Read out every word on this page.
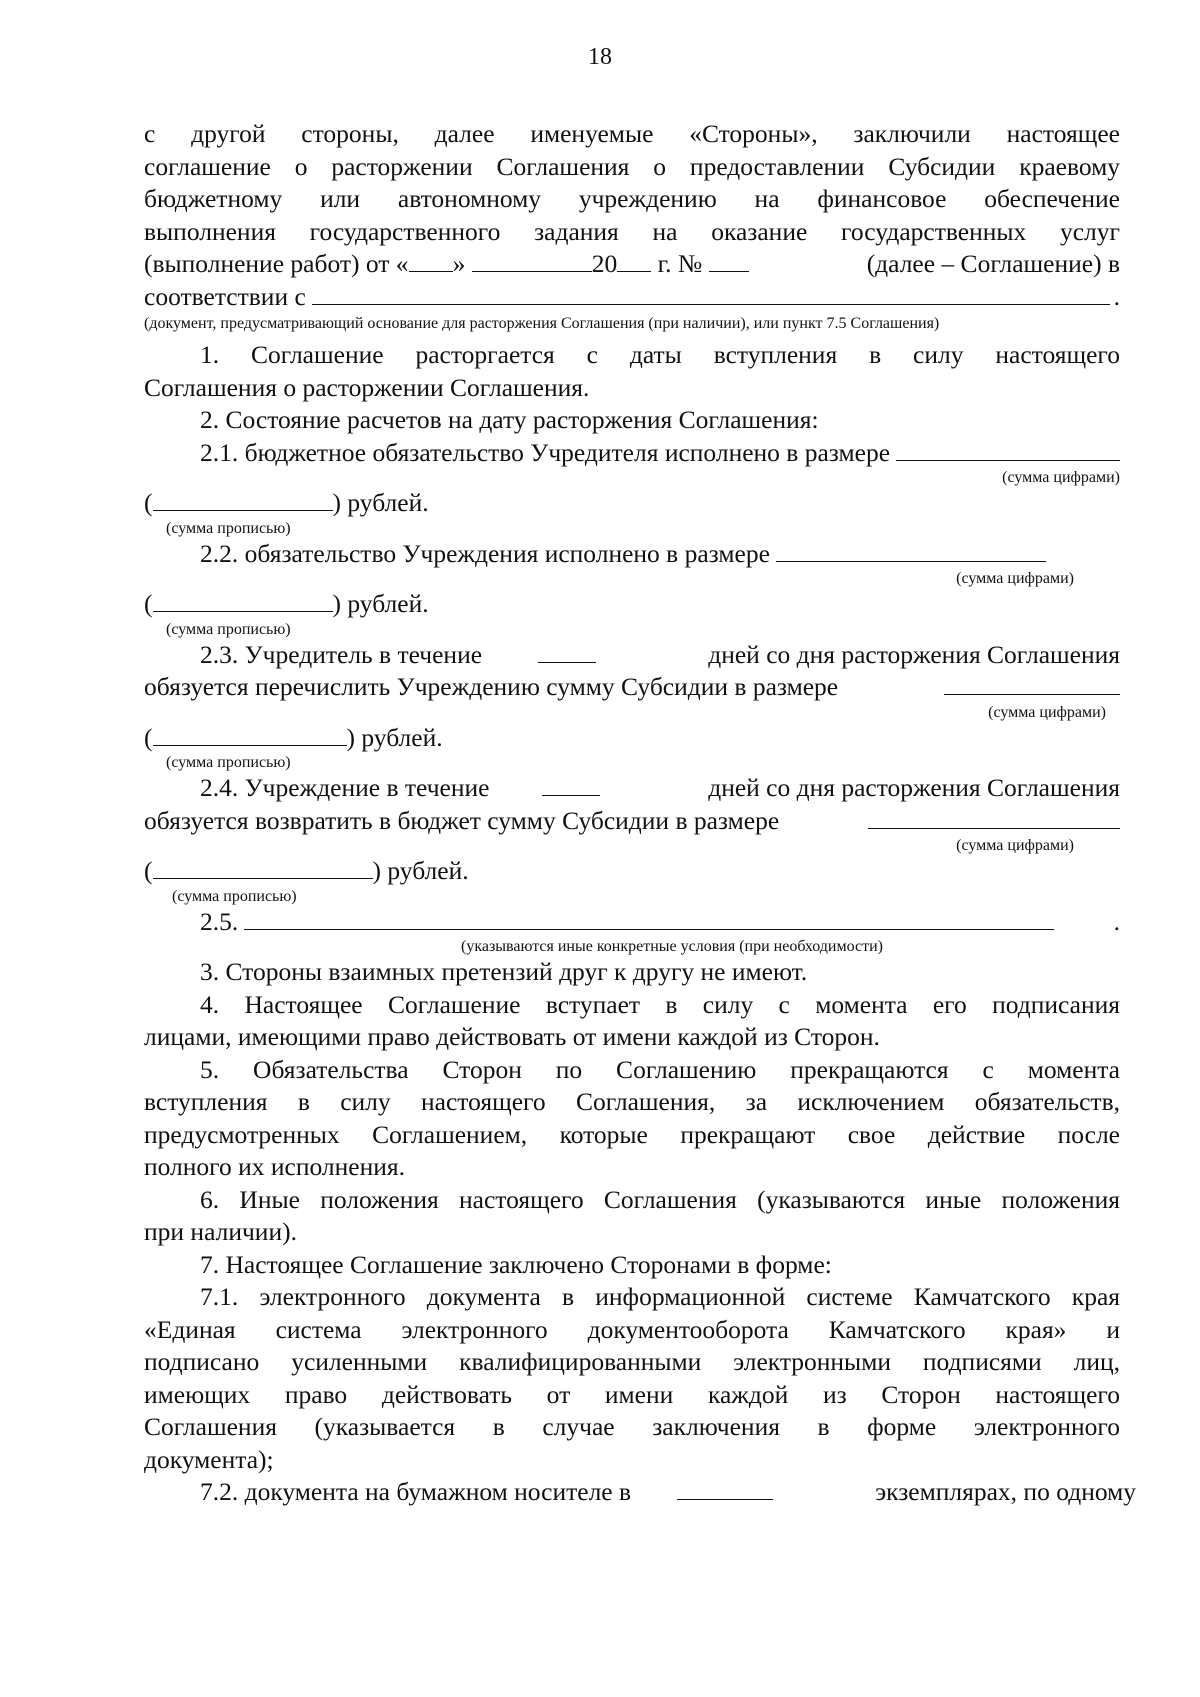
18
с другой стороны, далее именуемые «Стороны», заключили настоящее
соглашение о расторжении Соглашения о предоставлении Субсидии краевому
бюджетному или автономному учреждению на финансовое обеспечение
выполнения государственного задания на оказание государственных услуг
(выполнение работ) от « »	20 г. №	(далее – Соглашение) в
соответствии с	.
(документ, предусматривающий основание для расторжения Соглашения (при наличии), или пункт 7.5 Соглашения)
1. Соглашение расторгается с даты вступления в силу настоящего
Соглашения о расторжении Соглашения.
2. Состояние расчетов на дату расторжения Соглашения:
2.1. бюджетное обязательство Учредителя исполнено в размере
(сумма цифрами)
(	) рублей.
(сумма прописью)
2.2. обязательство Учреждения исполнено в размере
(сумма цифрами)
(	) рублей.
(сумма прописью)
2.3. Учредитель в течение	дней со дня расторжения Соглашения
обязуется перечислить Учреждению сумму Субсидии в размере
(сумма цифрами)
(	) рублей.
(сумма прописью)
2.4. Учреждение в течение	дней со дня расторжения Соглашения
обязуется возвратить в бюджет сумму Субсидии в размере
(сумма цифрами)
(	) рублей.
(сумма прописью)
2.5.	.
(указываются иные конкретные условия (при необходимости)
3. Стороны взаимных претензий друг к другу не имеют.
4. Настоящее Соглашение вступает в силу с момента его подписания
лицами, имеющими право действовать от имени каждой из Сторон.
5. Обязательства Сторон по Соглашению прекращаются с момента
вступления в силу настоящего Соглашения, за исключением обязательств,
предусмотренных Соглашением, которые прекращают свое действие после
полного их исполнения.
6. Иные положения настоящего Соглашения (указываются иные положения
при наличии).
7. Настоящее Соглашение заключено Сторонами в форме:
7.1. электронного документа в информационной системе Камчатского края
«Единая система электронного документооборота Камчатского края» и
подписано усиленными квалифицированными электронными подписями лиц,
имеющих право действовать от имени каждой из Сторон настоящего
Соглашения (указывается в случае заключения в форме электронного
документа);
7.2. документа на бумажном носителе в	экземплярах, по одному
